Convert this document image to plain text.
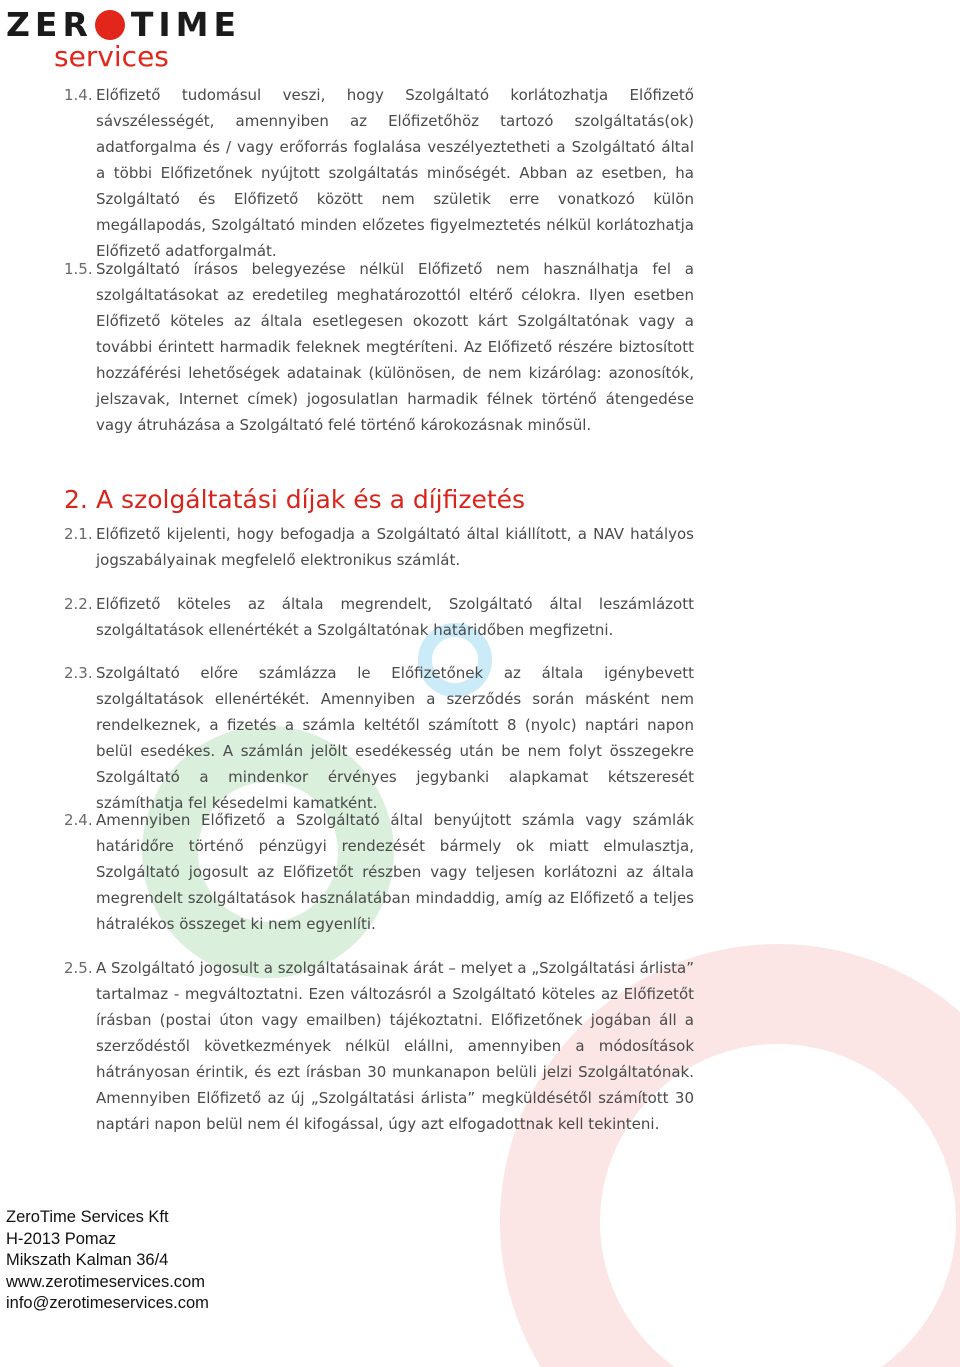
ZER TIME
services
1.4. Előfizető tudomásul veszi, hogy Szolgáltató korlátozhatja Előfizető sávszélességét, amennyiben az Előfizetőhöz tartozó szolgáltatás(ok) adatforgalma és / vagy erőforrás foglalása veszélyeztetheti a Szolgáltató által a többi Előfizetőnek nyújtott szolgáltatás minőségét. Abban az esetben, ha Szolgáltató és Előfizető között nem születik erre vonatkozó külön megállapodás, Szolgáltató minden előzetes figyelmeztetés nélkül korlátozhatja Előfizető adatforgalmát.
1.5. Szolgáltató írásos belegyezése nélkül Előfizető nem használhatja fel a szolgáltatásokat az eredetileg meghatározottól eltérő célokra. Ilyen esetben Előfizető köteles az általa esetlegesen okozott kárt Szolgáltatónak vagy a további érintett harmadik feleknek megtéríteni. Az Előfizető részére biztosított hozzáférési lehetőségek adatainak (különösen, de nem kizárólag: azonosítók, jelszavak, Internet címek) jogosulatlan harmadik félnek történő átengedése vagy átruházása a Szolgáltató felé történő károkozásnak minősül.
2. A szolgáltatási díjak és a díjfizetés
2.1. Előfizető kijelenti, hogy befogadja a Szolgáltató által kiállított, a NAV hatályos jogszabályainak megfelelő elektronikus számlát.
2.2. Előfizető köteles az általa megrendelt, Szolgáltató által leszámlázott szolgáltatások ellenértékét a Szolgáltatónak határidőben megfizetni.
2.3. Szolgáltató előre számlázza le Előfizetőnek az általa igénybevett szolgáltatások ellenértékét. Amennyiben a szerződés során másként nem rendelkeznek, a fizetés a számla keltétől számított 8 (nyolc) naptári napon belül esedékes. A számlán jelölt esedékesség után be nem folyt összegekre Szolgáltató a mindenkor érvényes jegybanki alapkamat kétszeresét számíthatja fel késedelmi kamatként.
2.4. Amennyiben Előfizető a Szolgáltató által benyújtott számla vagy számlák határidőre történő pénzügyi rendezését bármely ok miatt elmulasztja, Szolgáltató jogosult az Előfizetőt részben vagy teljesen korlátozni az általa megrendelt szolgáltatások használatában mindaddig, amíg az Előfizető a teljes hátralékos összeget ki nem egyenlíti.
2.5. A Szolgáltató jogosult a szolgáltatásainak árát – melyet a „Szolgáltatási árlista” tartalmaz - megváltoztatni. Ezen változásról a Szolgáltató köteles az Előfizetőt írásban (postai úton vagy emailben) tájékoztatni. Előfizetőnek jogában áll a szerződéstől következmények nélkül elállni, amennyiben a módosítások hátrányosan érintik, és ezt írásban 30 munkanapon belüli jelzi Szolgáltatónak. Amennyiben Előfizető az új „Szolgáltatási árlista” megküldésétől számított 30 naptári napon belül nem él kifogással, úgy azt elfogadottnak kell tekinteni.
ZeroTime Services Kft
H-2013 Pomaz
Mikszath Kalman 36/4
www.zerotimeservices.com
info@zerotimeservices.com
